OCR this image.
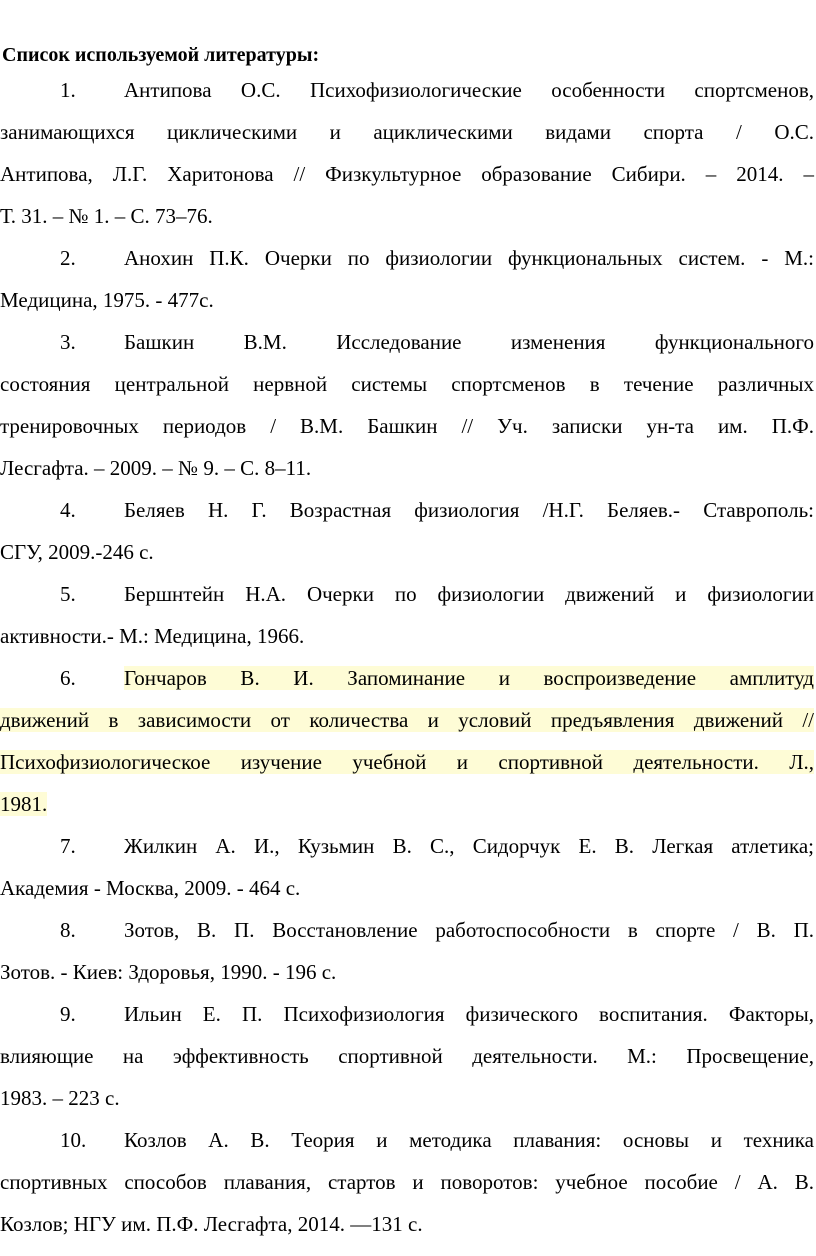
Список используемой литературы:
1.	Антипова О.С. Психофизиологические особенности спортсменов,
занимающихся циклическими и ациклическими видами спорта / О.С.
Антипова, Л.Г. Харитонова // Физкультурное образование Сибири. – 2014. –
Т. 31. – № 1. – С. 73–76.
2.	Анохин П.К. Очерки по физиологии функциональных систем. - М.:
Медицина, 1975. - 477с.
3.	Башкин В.М. Исследование изменения функционального
состояния центральной нервной системы спортсменов в течение различных
тренировочных периодов / В.М. Башкин // Уч. записки ун-та им. П.Ф.
Лесгафта. – 2009. – № 9. – С. 8–11.
4.	Беляев Н. Г. Возрастная физиология /Н.Г. Беляев.- Ставрополь:
СГУ, 2009.-246 с.
5.	Бершнтейн Н.А. Очерки по физиологии движений и физиологии
активности.- М.: Медицина, 1966.
6.	Гончаров В. И. Запоминание и воспроизведение амплитуд
движений в зависимости от количества и условий предъявления движений //
Психофизиологическое изучение учебной и спортивной деятельности. Л.,
1981.
7.	Жилкин А. И., Кузьмин В. С., Сидорчук Е. В. Легкая атлетика;
Академия - Москва, 2009. - 464 с.
8.	Зотов, В. П. Восстановление работоспособности в спорте / В. П.
Зотов. - Киев: Здоровья, 1990. - 196 с.
9.	Ильин Е. П. Психофизиология физического воспитания. Факторы,
влияющие на эффективность спортивной деятельности. М.: Просвещение,
1983. – 223 с.
10.	Козлов А. В. Теория и методика плавания: основы и техника
спортивных способов плавания, стартов и поворотов: учебное пособие / А. В.
Козлов; НГУ им. П.Ф. Лесгафта, 2014. —131 с.
